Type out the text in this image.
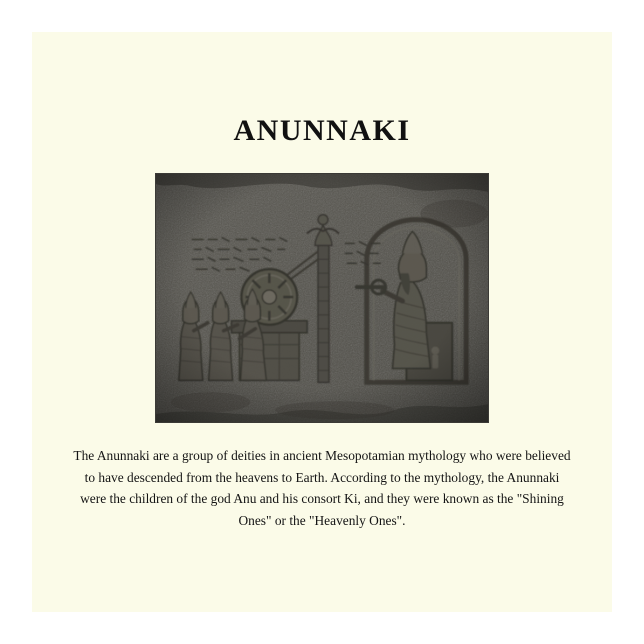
ANUNNAKI
The Anunnaki are a group of deities in ancient Mesopotamian mythology who were believed to have descended from the heavens to Earth. According to the mythology, the Anunnaki were the children of the god Anu and his consort Ki, and they were known as the "Shining Ones" or the "Heavenly Ones".
